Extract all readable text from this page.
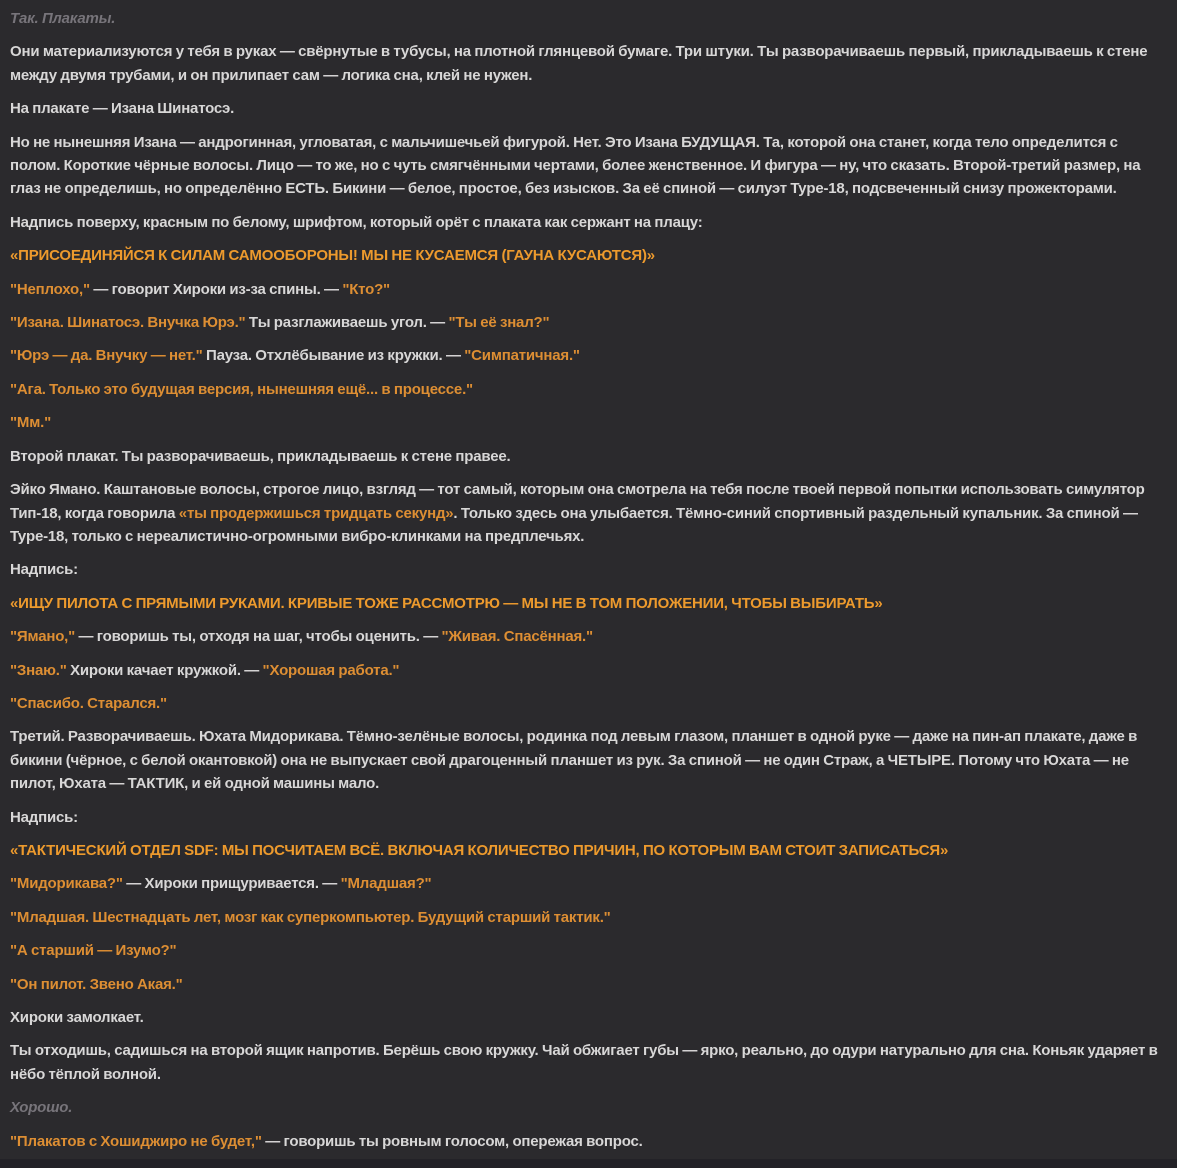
Так. Плакаты.

Они материализуются у тебя в руках — свёрнутые в тубусы, на плотной глянцевой бумаге. Три штуки. Ты разворачиваешь первый, прикладываешь к стене между двумя трубами, и он прилипает сам — логика сна, клей не нужен.

На плакате — Изана Шинатосэ.

Но не нынешняя Изана — андрогинная, угловатая, с мальчишечьей фигурой. Нет. Это Изана БУДУЩАЯ. Та, которой она станет, когда тело определится с полом. Короткие чёрные волосы. Лицо — то же, но с чуть смягчёнными чертами, более женственное. И фигура — ну, что сказать. Второй-третий размер, на глаз не определишь, но определённо ЕСТЬ. Бикини — белое, простое, без изысков. За её спиной — силуэт Type-18, подсвеченный снизу прожекторами.

Надпись поверху, красным по белому, шрифтом, который орёт с плаката как сержант на плацу:

«ПРИСОЕДИНЯЙСЯ К СИЛАМ САМООБОРОНЫ! МЫ НЕ КУСАЕМСЯ (ГАУНА КУСАЮТСЯ)»

"Неплохо," — говорит Хироки из-за спины. — "Кто?"

"Изана. Шинатосэ. Внучка Юрэ." Ты разглаживаешь угол. — "Ты её знал?"

"Юрэ — да. Внучку — нет." Пауза. Отхлёбывание из кружки. — "Симпатичная."

"Ага. Только это будущая версия, нынешняя ещё... в процессе."

"Мм."

Второй плакат. Ты разворачиваешь, прикладываешь к стене правее.

Эйко Ямано. Каштановые волосы, строгое лицо, взгляд — тот самый, которым она смотрела на тебя после твоей первой попытки использовать симулятор Тип-18, когда говорила «ты продержишься тридцать секунд». Только здесь она улыбается. Тёмно-синий спортивный раздельный купальник. За спиной — Type-18, только с нереалистично-огромными вибро-клинками на предплечьях.

Надпись:

«ИЩУ ПИЛОТА С ПРЯМЫМИ РУКАМИ. КРИВЫЕ ТОЖЕ РАССМОТРЮ — МЫ НЕ В ТОМ ПОЛОЖЕНИИ, ЧТОБЫ ВЫБИРАТЬ»

"Ямано," — говоришь ты, отходя на шаг, чтобы оценить. — "Живая. Спасённая."

"Знаю." Хироки качает кружкой. — "Хорошая работа."

"Спасибо. Старался."

Третий. Разворачиваешь. Юхата Мидорикава. Тёмно-зелёные волосы, родинка под левым глазом, планшет в одной руке — даже на пин-ап плакате, даже в бикини (чёрное, с белой окантовкой) она не выпускает свой драгоценный планшет из рук. За спиной — не один Страж, а ЧЕТЫРЕ. Потому что Юхата — не пилот, Юхата — ТАКТИК, и ей одной машины мало.

Надпись:

«ТАКТИЧЕСКИЙ ОТДЕЛ SDF: МЫ ПОСЧИТАЕМ ВСЁ. ВКЛЮЧАЯ КОЛИЧЕСТВО ПРИЧИН, ПО КОТОРЫМ ВАМ СТОИТ ЗАПИСАТЬСЯ»

"Мидорикава?" — Хироки прищуривается. — "Младшая?"

"Младшая. Шестнадцать лет, мозг как суперкомпьютер. Будущий старший тактик."

"А старший — Изумо?"

"Он пилот. Звено Акая."

Хироки замолкает.

Ты отходишь, садишься на второй ящик напротив. Берёшь свою кружку. Чай обжигает губы — ярко, реально, до одури натурально для сна. Коньяк ударяет в нёбо тёплой волной.

Хорошо.

"Плакатов с Хошиджиро не будет," — говоришь ты ровным голосом, опережая вопрос.
